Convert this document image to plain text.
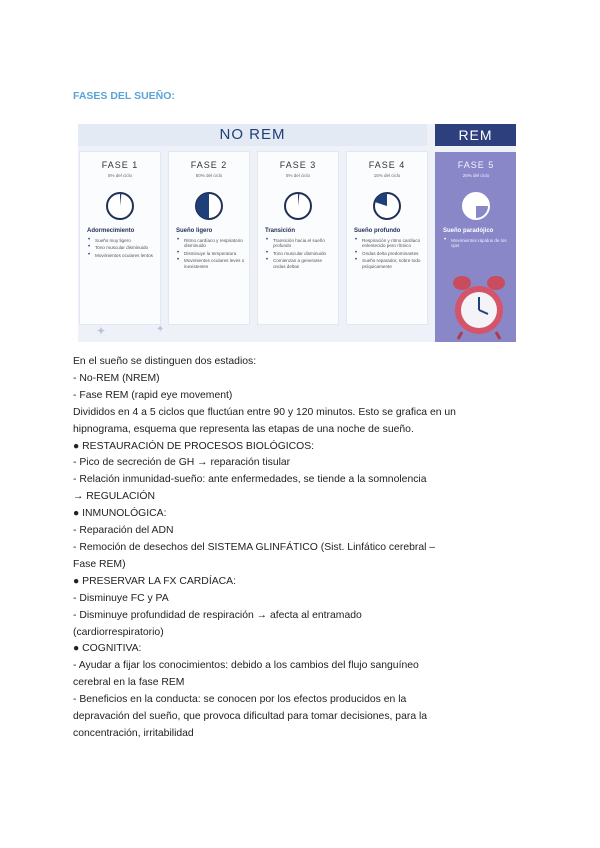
FASES DEL SUEÑO:
NO REM	REM
✦	✦
FASE 1
5% del ciclo
Adormecimiento
• Sueño muy ligero
• Tono muscular disminuido
• Movimientos oculares lentos
FASE 2
50% del ciclo
Sueño ligero
• Ritmo cardíaco y respiratorio disminuido
• Disminuye la temperatura
• Movimientos oculares leves o inexistentes
FASE 3
5% del ciclo
Transición
• Transición hacia el sueño profundo
• Tono muscular disminuido
• Comienzan a generarse ondas deltas
FASE 4
15% del ciclo
Sueño profundo
• Respiración y ritmo cardíaco enlentecido pero rítmico
• Ondas delta predominantes
• Sueño reparador, sobre todo psíquicamente
FASE 5
25% del ciclo
Sueño paradójico
• Movimientos rápidos de los ojos
En el sueño se distinguen dos estadios:
- No-REM (NREM)
- Fase REM (rapid eye movement)
Divididos en 4 a 5 ciclos que fluctúan entre 90 y 120 minutos. Esto se grafica en un
hipnograma, esquema que representa las etapas de una noche de sueño.
● RESTAURACIÓN DE PROCESOS BIOLÓGICOS:
- Pico de secreción de GH → reparación tisular
- Relación inmunidad-sueño: ante enfermedades, se tiende a la somnolencia
→ REGULACIÓN
● INMUNOLÓGICA:
- Reparación del ADN
- Remoción de desechos del SISTEMA GLINFÁTICO (Sist. Linfático cerebral –
Fase REM)
● PRESERVAR LA FX CARDÍACA:
- Disminuye FC y PA
- Disminuye profundidad de respiración → afecta al entramado
(cardiorrespiratorio)
● COGNITIVA:
- Ayudar a fijar los conocimientos: debido a los cambios del flujo sanguíneo
cerebral en la fase REM
- Beneficios en la conducta: se conocen por los efectos producidos en la
depravación del sueño, que provoca dificultad para tomar decisiones, para la
concentración, irritabilidad
